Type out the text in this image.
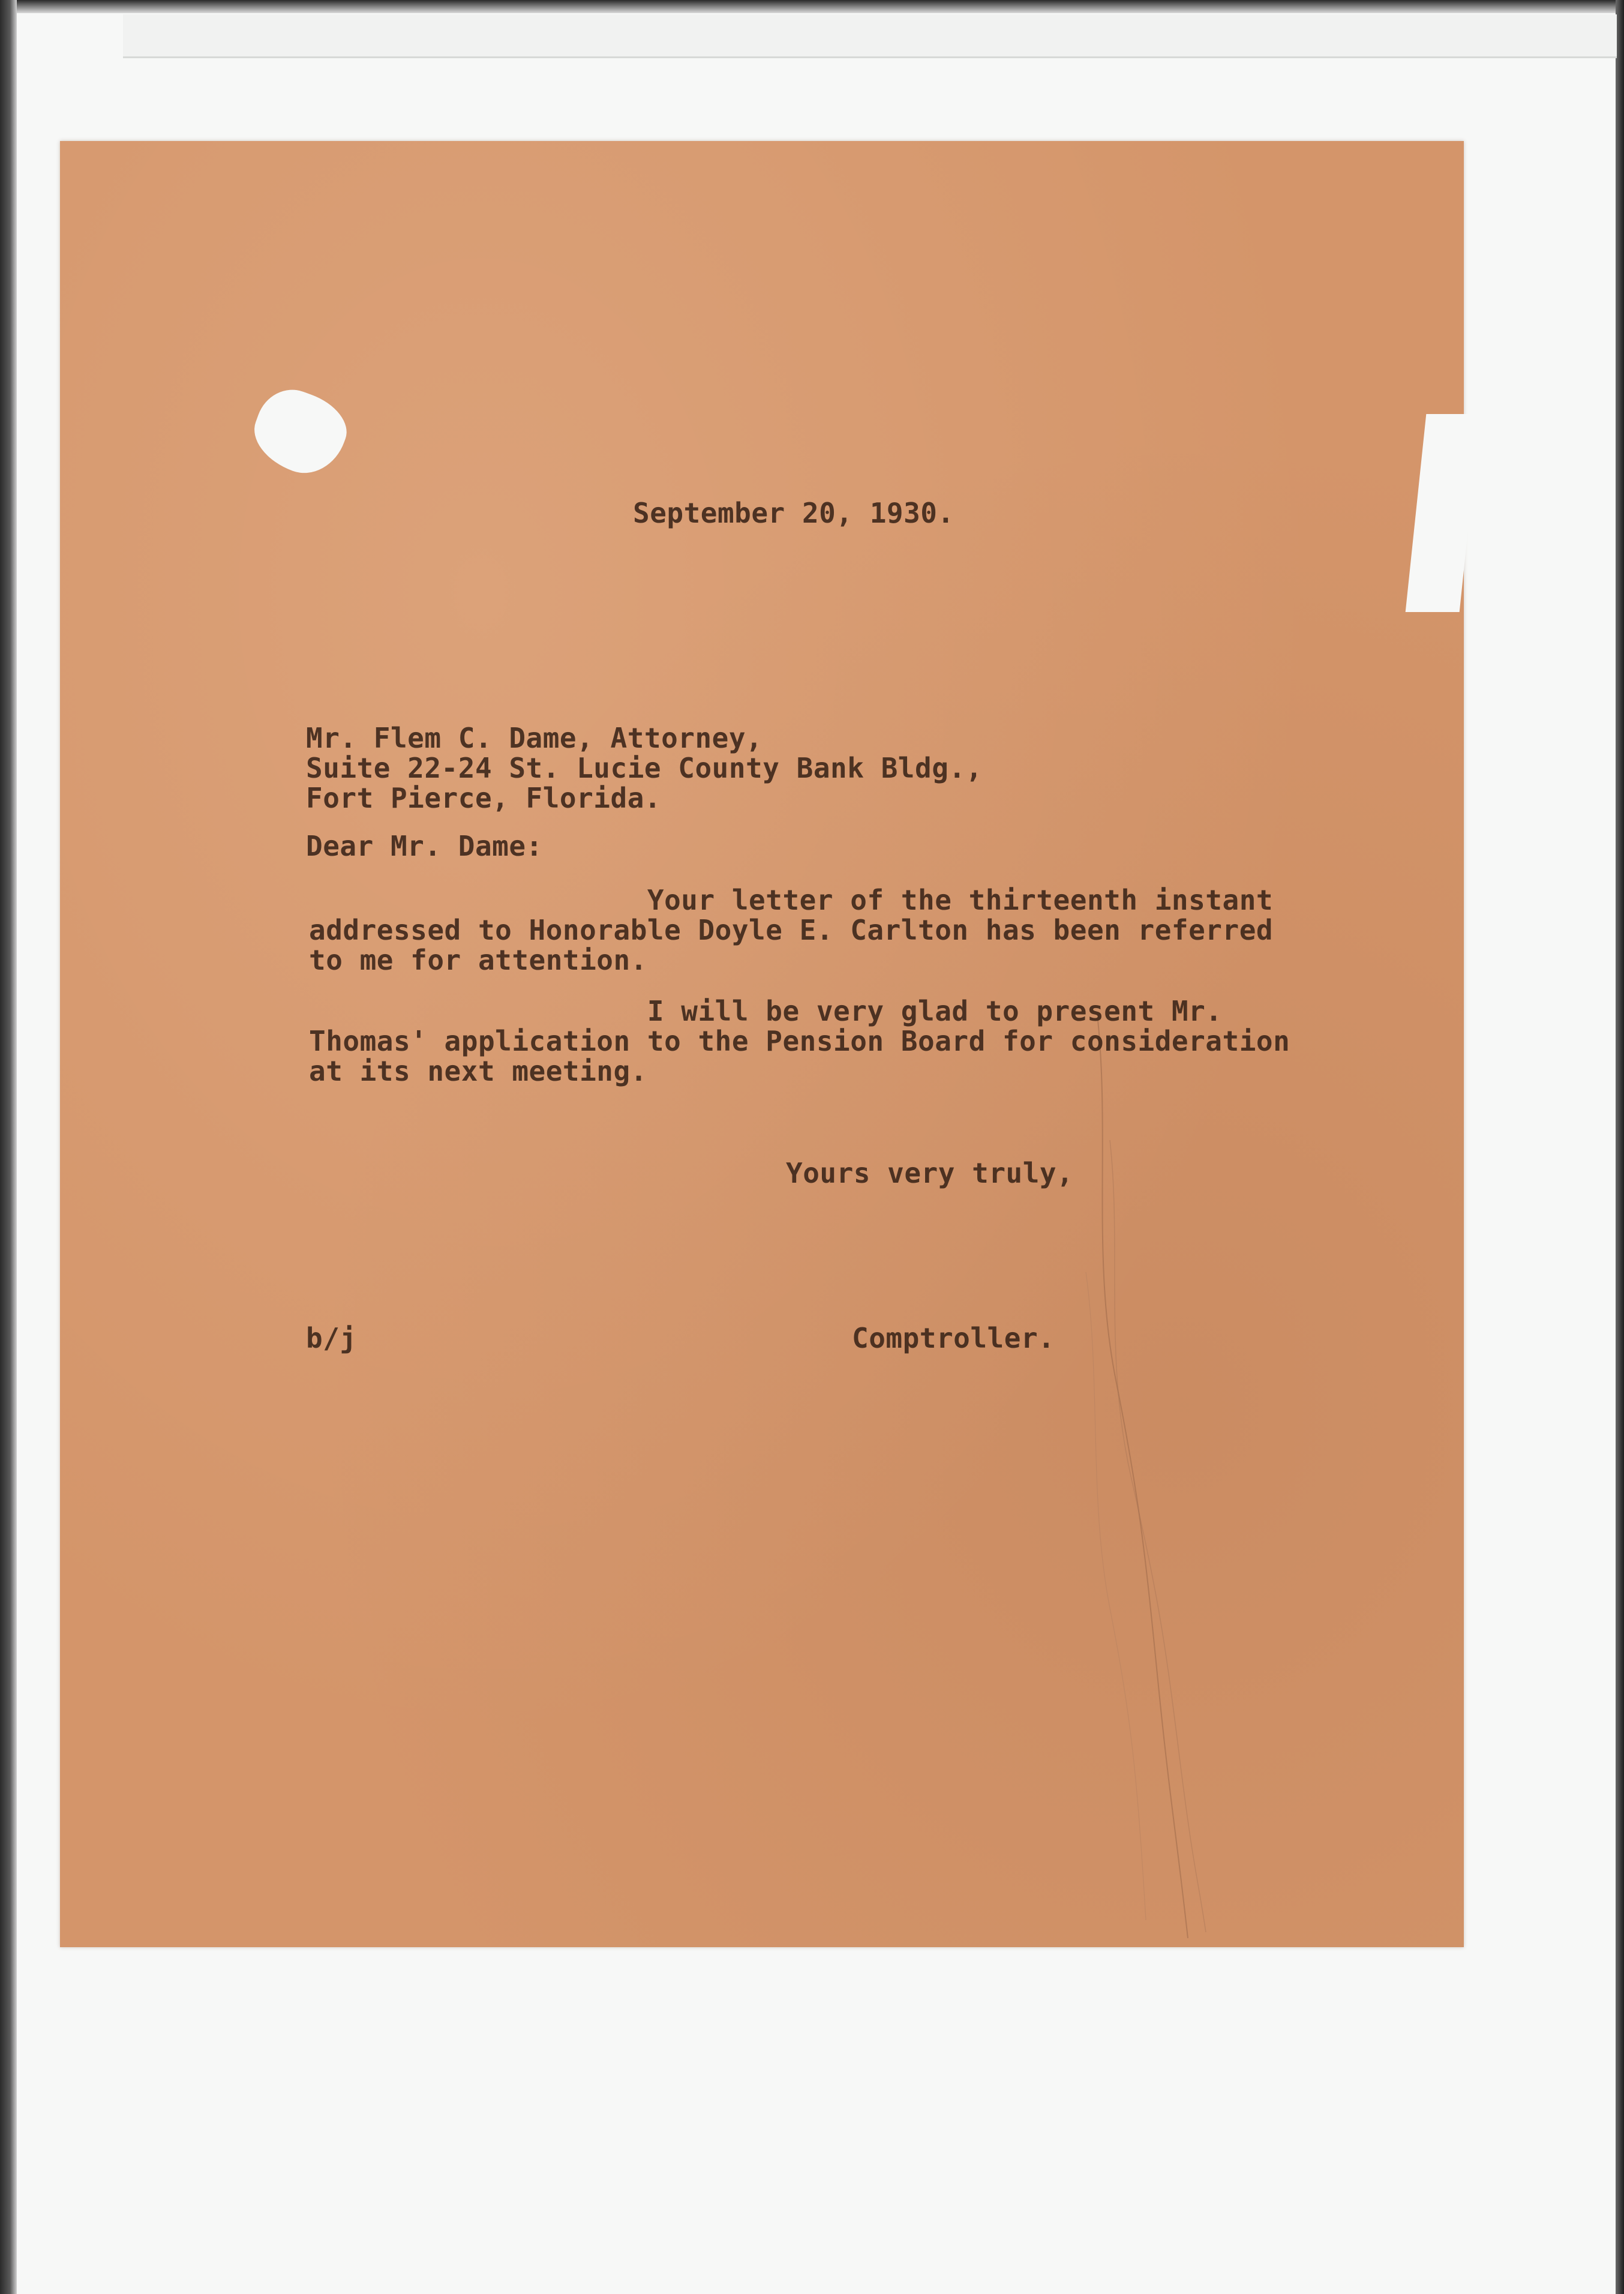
September 20, 1930.
Mr. Flem C. Dame, Attorney,
Suite 22-24 St. Lucie County Bank Bldg.,
Fort Pierce, Florida.
Dear Mr. Dame:
Your letter of the thirteenth instant
addressed to Honorable Doyle E. Carlton has been referred
to me for attention.
I will be very glad to present Mr.
Thomas' application to the Pension Board for consideration
at its next meeting.
Yours very truly,
b/j	Comptroller.
